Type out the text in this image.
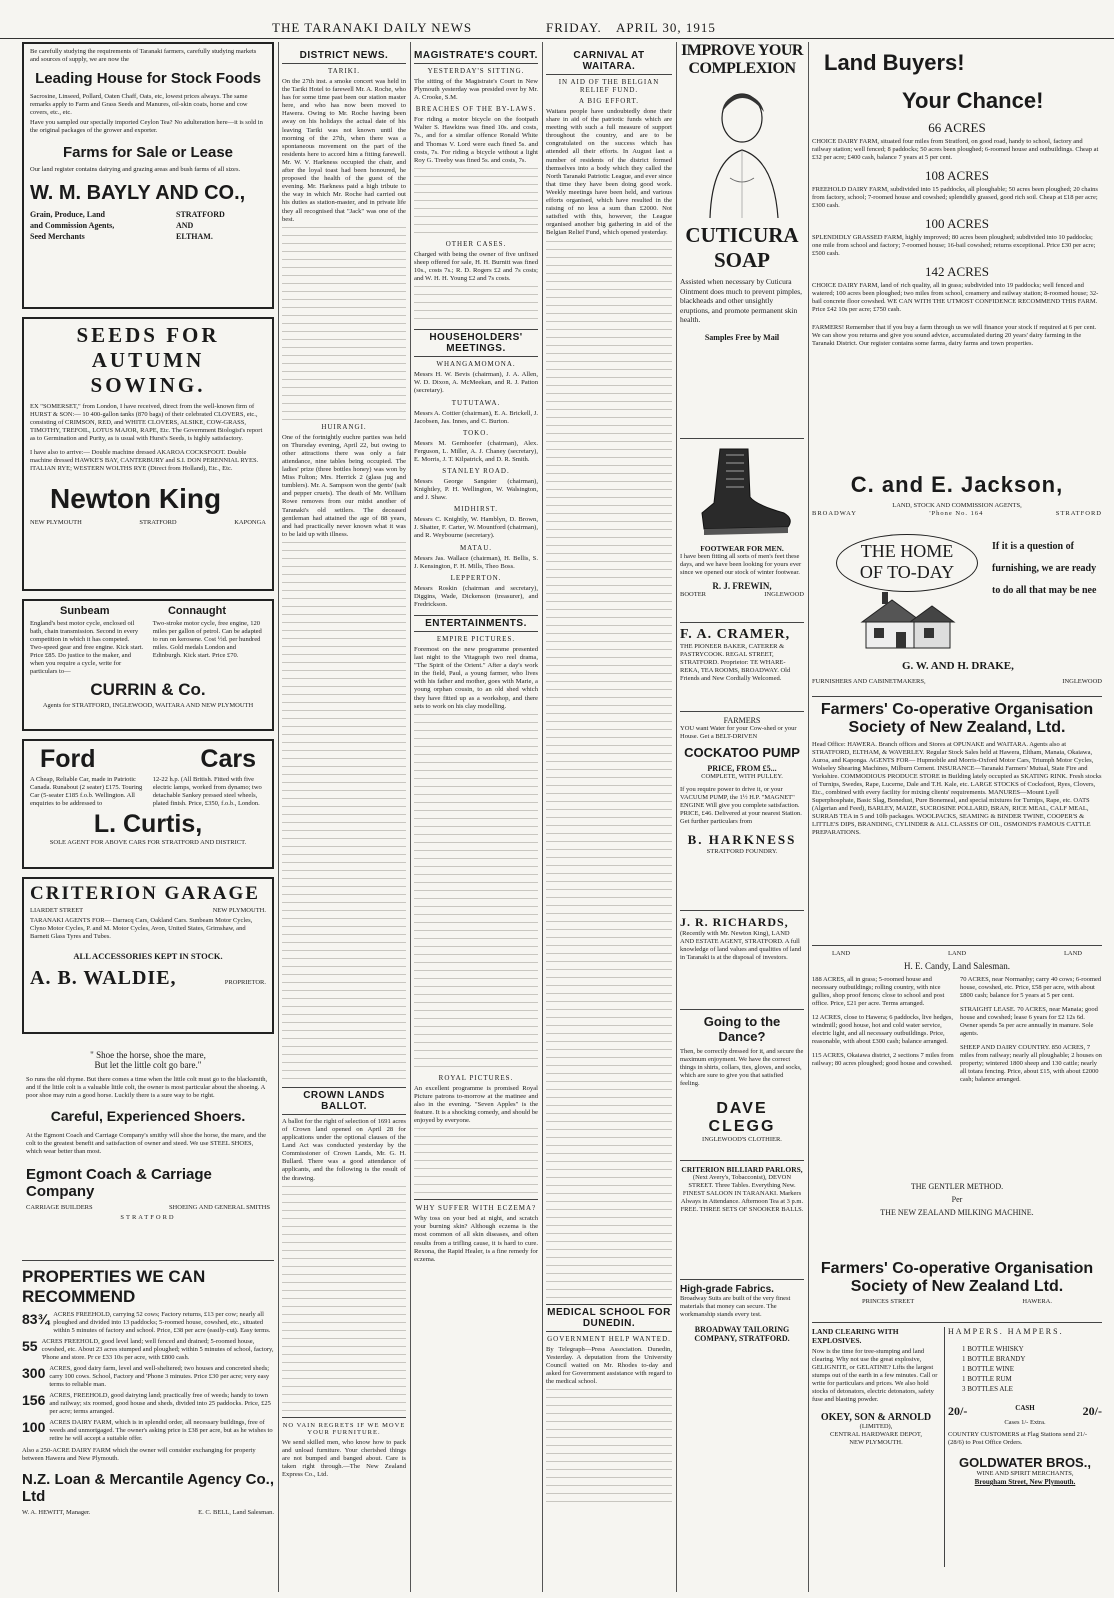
THE TARANAKI DAILY NEWS	FRIDAY. APRIL 30, 1915
Be carefully studying the requirements of Taranaki farmers, carefully studying markets and sources of supply, we are now the
Leading House for Stock Foods
Sacrosine, Linseed, Pollard, Oaten Chaff, Oats, etc, lowest prices always. The same remarks apply to Farm and Grass Seeds and Manures, oil-skin coats, horse and cow covers, etc., etc.
Have you sampled our specially imported Ceylon Tea? No adulteration here—it is sold in the original packages of the grower and exporter.
Farms for Sale or Lease
Our land register contains dairying and grazing areas and bush farms of all sizes.
W. M. BAYLY AND CO.,
Grain, Produce, Land
and Commission Agents,
Seed Merchants
STRATFORD
AND
ELTHAM.
SEEDS FOR AUTUMN
SOWING.
EX "SOMERSET," from London, I have received, direct from the well-known firm of HURST & SON:— 10 400-gallon tanks (870 bags) of their celebrated CLOVERS, etc., consisting of CRIMSON, RED, and WHITE CLOVERS, ALSIKE, COW-GRASS, TIMOTHY, TREFOIL, LOTUS MAJOR, RAPE, Etc. The Government Biologist's report as to Germination and Purity, as is usual with Hurst's Seeds, is highly satisfactory.
I have also to arrive:— Double machine dressed AKAROA COCKSFOOT. Double machine dressed HAWKE'S BAY, CANTERBURY and S.I. DON PERENNIAL RYES. ITALIAN RYE; WESTERN WOLTHS RYE (Direct from Holland), Etc., Etc.
Newton King
NEW PLYMOUTH	STRATFORD	KAPONGA
Sunbeam	Connaught
England's best motor cycle, enclosed oil bath, chain transmission. Second in every competition in which it has competed. Two-speed gear and free engine. Kick start. Price £85. Do justice to the maker, and when you require a cycle, write for particulars to—
Two-stroke motor cycle, free engine, 120 miles per gallon of petrol. Can be adapted to run on kerosene. Cost ½d. per hundred miles. Gold medals London and Edinburgh. Kick start. Price £70.
CURRIN & Co.
Agents for STRATFORD, INGLEWOOD, WAITARA AND NEW PLYMOUTH
Ford	Cars
A Cheap, Reliable Car, made in Patriotic Canada. Runabout (2 seater) £175. Touring Car (5-seater £185 f.o.b. Wellington. All enquiries to be addressed to
12-22 h.p. (All British. Fitted with five electric lamps, worked from dynamo; two detachable Sankey pressed steel wheels, plated finish. Price, £350, f.o.b., London.
L. Curtis,
SOLE AGENT FOR ABOVE CARS FOR STRATFORD AND DISTRICT.
CRITERION GARAGE
LIARDET STREET	NEW PLYMOUTH.
TARANAKI AGENTS FOR— Darracq Cars, Oakland Cars. Sunbeam Motor Cycles, Clyno Motor Cycles, P. and M. Motor Cycles, Avon, United States, Grimshaw, and Barnett Glass Tyres and Tubes.
ALL ACCESSORIES KEPT IN STOCK.
A. B. WALDIE,	PROPRIETOR.
" Shoe the horse, shoe the mare,
But let the little colt go bare."
So runs the old rhyme. But there comes a time when the little colt must go to the blacksmith, and if the little colt is a valuable little colt, the owner is most particular about the shoeing. A poor shoe may ruin a good horse. Luckily there is a sure way to be right.
Careful, Experienced Shoers.
At the Egmont Coach and Carriage Company's smithy will shoe the horse, the mare, and the colt to the greatest benefit and satisfaction of owner and steed. We use STEEL SHOES, which wear better than most.
Egmont Coach & Carriage Company
CARRIAGE BUILDERS	SHOEING AND GENERAL SMITHS
STRATFORD
PROPERTIES WE CAN RECOMMEND
83¾ ACRES FREEHOLD, carrying 52 cows; Factory returns, £13 per cow; nearly all ploughed and divided into 13 paddocks; 5-roomed house, cowshed, etc., situated within 5 minutes of factory and school. Price, £38 per acre (easily-cut). Easy terms.
55 ACRES FREEHOLD, good level land; well fenced and drained; 5-roomed house, cowshed, etc. About 23 acres stumped and ploughed; within 5 minutes of school, factory, 'Phone and store. Pr ce £33 10s per acre, with £800 cash.
300 ACRES, good dairy farm, level and well-sheltered; two houses and concreted sheds; carry 100 cows. School, Factory and 'Phone 3 minutes. Price £30 per acre; very easy terms to reliable man.
156 ACRES, FREEHOLD, good dairying land; practically free of weeds; handy to town and railway; six roomed, good house and sheds, divided into 25 paddocks. Price, £25 per acre; terms arranged.
100 ACRES DAIRY FARM, which is in splendid order, all necessary buildings, free of weeds and unmortgaged. The owner's asking price is £38 per acre, but as he wishes to retire he will accept a suitable offer.
Also a 250-ACRE DAIRY FARM which the owner will consider exchanging for property between Hawera and New Plymouth.
N.Z. Loan & Mercantile Agency Co., Ltd
W. A. HEWITT, Manager.	E. C. BELL, Land Salesman.
DISTRICT NEWS.
TARIKI.
On the 27th inst. a smoke concert was held in the Tariki Hotel to farewell Mr. A. Roche, who has for some time past been our station master here, and who has now been moved to Hawera. Owing to Mr. Roche having been away on his holidays the actual date of his leaving Tariki was not known until the morning of the 27th, when there was a spontaneous movement on the part of the residents here to accord him a fitting farewell. Mr. W. V. Harkness occupied the chair, and after the loyal toast had been honoured, he proposed the health of the guest of the evening. Mr. Harkness paid a high tribute to the way in which Mr. Roche had carried out his duties as station-master, and in private life they all recognised that "Jack" was one of the best.
HUIRANGI.
One of the fortnightly euchre parties was held on Thursday evening, April 22, but owing to other attractions there was only a fair attendance, nine tables being occupied. The ladies' prize (three bottles honey) was won by Miss Fulton; Mrs. Herrick 2 (glass jug and tumblers). Mr. A. Sampson won the gents' (salt and pepper cruets). The death of Mr. William Rowe removes from our midst another of Taranaki's old settlers. The deceased gentleman had attained the age of 88 years, and had practically never known what it was to be laid up with illness.
CROWN LANDS BALLOT.
A ballot for the right of selection of 1691 acres of Crown land opened on April 28 for applications under the optional clauses of the Land Act was conducted yesterday by the Commissioner of Crown Lands, Mr. G. H. Bullard. There was a good attendance of applicants, and the following is the result of the drawing.
NO VAIN REGRETS IF WE MOVE YOUR FURNITURE.
We send skilled men, who know how to pack and unload furniture. Your cherished things are not bumped and banged about. Care is taken right through.—The New Zealand Express Co., Ltd.
MAGISTRATE'S COURT.
YESTERDAY'S SITTING.
The sitting of the Magistrate's Court in New Plymouth yesterday was presided over by Mr. A. Crooke, S.M.
BREACHES OF THE BY-LAWS.
For riding a motor bicycle on the footpath Walter S. Hawkins was fined 10s. and costs, 7s., and for a similar offence Ronald White and Thomas V. Lord were each fined 5s. and costs, 7s. For riding a bicycle without a light Roy G. Treeby was fined 5s. and costs, 7s.
OTHER CASES.
Charged with being the owner of five unfixed sheep offered for sale, H. H. Burnitt was fined 10s., costs 7s.; R. D. Rogers £2 and 7s costs; and W. H. H. Young £2 and 7s costs.
HOUSEHOLDERS' MEETINGS.
WHANGAMOMONA.
Messrs H. W. Bevis (chairman), J. A. Allen, W. D. Dixon, A. McMeekan, and R. J. Patton (secretary).
TUTUTAWA.
Messrs A. Cottier (chairman), E. A. Brickell, J. Jacobsen, Jas. Innes, and C. Burton.
TOKO.
Messrs M. Gernhoefer (chairman), Alex. Ferguson, L. Miller, A. J. Chaney (secretary), E. Morris, J. T. Kilpatrick, and D. R. Smith.
STANLEY ROAD.
Messrs George Sangster (chairman), Knightley, P. H. Wellington, W. Walsington, and J. Shaw.
MIDHIRST.
Messrs C. Knightly, W. Hamblyn, D. Brown, J. Shatter, F. Carter, W. Mountford (chairman), and R. Weybourne (secretary).
MATAU.
Messrs Jas. Wallace (chairman), H. Bellis, S. J. Kensington, F. H. Mills, Theo Boss.
LEPPERTON.
Messrs Roskin (chairman and secretary), Diggins, Wade, Dickenson (treasurer), and Fredrickson.
ENTERTAINMENTS.
EMPIRE PICTURES.
Foremost on the new programme presented last night to the Vitagraph two reel drama, "The Spirit of the Orient." After a day's work in the field, Paul, a young farmer, who lives with his father and mother, goes with Marie, a young orphan cousin, to an old shed which they have fitted up as a workshop, and there sets to work on his clay modelling.
ROYAL PICTURES.
An excellent programme is promised Royal Picture patrons to-morrow at the matinee and also in the evening. "Seven Apples" is the feature. It is a shocking comedy, and should be enjoyed by everyone.
WHY SUFFER WITH ECZEMA?
Why toss on your bed at night, and scratch your burning skin? Although eczema is the most common of all skin diseases, and often results from a trifling cause, it is hard to cure. Rexona, the Rapid Healer, is a fine remedy for eczema.
CARNIVAL AT WAITARA.
IN AID OF THE BELGIAN RELIEF FUND.
A BIG EFFORT.
Waitara people have undoubtedly done their share in aid of the patriotic funds which are meeting with such a full measure of support throughout the country, and are to be congratulated on the success which has attended all their efforts. In August last a number of residents of the district formed themselves into a body which they called the North Taranaki Patriotic League, and ever since that time they have been doing good work. Weekly meetings have been held, and various efforts organised, which have resulted in the raising of no less a sum than £2000. Not satisfied with this, however, the League organised another big gathering in aid of the Belgian Relief Fund, which opened yesterday.
MEDICAL SCHOOL FOR DUNEDIN.
GOVERNMENT HELP WANTED.
By Telegraph—Press Association. Dunedin, Yesterday. A deputation from the University Council waited on Mr. Rhodes to-day and asked for Government assistance with regard to the medical school.
IMPROVE YOUR
COMPLEXION
CUTICURA
SOAP
Assisted when necessary by Cuticura Ointment does much to prevent pimples, blackheads and other unsightly eruptions, and promote permanent skin health.
Samples Free by Mail
FOOTWEAR FOR MEN.
I have been fitting all sorts of men's feet these days, and we have been looking for yours ever since we opened our stock of winter footwear.
R. J. FREWIN,
BOOTER	INGLEWOOD
F. A. CRAMER,
THE PIONEER BAKER, CATERER & PASTRYCOOK. REGAL STREET, STRATFORD. Proprietor: TE WHARE-REKA, TEA ROOMS, BROADWAY. Old Friends and New Cordially Welcomed.
FARMERS
YOU want Water for your Cow-shed or your House. Get a BELT-DRIVEN
COCKATOO PUMP
PRICE, FROM £5...
COMPLETE, WITH PULLEY.
If you require power to drive it, or your VACUUM PUMP, the 1½ H.P. "MAGNET" ENGINE Will give you complete satisfaction. PRICE, £46. Delivered at your nearest Station. Get further particulars from
B. HARKNESS
STRATFORD FOUNDRY.
J. R. RICHARDS,
(Recently with Mr. Newton King), LAND AND ESTATE AGENT, STRATFORD. A full knowledge of land values and qualities of land in Taranaki is at the disposal of investors.
Going to the Dance?
Then, be correctly dressed for it, and secure the maximum enjoyment. We have the correct things in shirts, collars, ties, gloves, and socks, which are sure to give you that satisfied feeling.
DAVE CLEGG
INGLEWOOD'S CLOTHIER.
CRITERION BILLIARD PARLORS,
(Next Avery's, Tobacconist), DEVON STREET. Three Tables. Everything New. FINEST SALOON IN TARANAKI. Markers Always in Attendance. Afternoon Tea at 3 p.m. FREE. THREE SETS OF SNOOKER BALLS.
High-grade Fabrics.
Broadway Suits are built of the very finest materials that money can secure. The workmanship stands every test.
BROADWAY TAILORING COMPANY, STRATFORD.
Land Buyers!
Your Chance!
66 ACRES
CHOICE DAIRY FARM, situated four miles from Stratford, on good road, handy to school, factory and railway station; well fenced; 8 paddocks; 50 acres been ploughed; 6-roomed house and outbuildings. Cheap at £32 per acre; £400 cash, balance 7 years at 5 per cent.
108 ACRES
FREEHOLD DAIRY FARM, subdivided into 15 paddocks, all ploughable; 50 acres been ploughed; 20 chains from factory, school; 7-roomed house and cowshed; splendidly grassed, good rich soil. Cheap at £18 per acre; £300 cash.
100 ACRES
SPLENDIDLY GRASSED FARM, highly improved; 80 acres been ploughed; subdivided into 10 paddocks; one mile from school and factory; 7-roomed house; 16-bail cowshed; returns exceptional. Price £30 per acre; £500 cash.
142 ACRES
CHOICE DAIRY FARM, land of rich quality, all in grass; subdivided into 19 paddocks; well fenced and watered; 100 acres been ploughed; two miles from school, creamery and railway station; 8-roomed house; 32-bail concrete floor cowshed. WE CAN WITH THE UTMOST CONFIDENCE RECOMMEND THIS FARM. Price £42 10s per acre; £750 cash.
FARMERS! Remember that if you buy a farm through us we will finance your stock if required at 6 per cent. We can show you returns and give you sound advice, accumulated during 20 years' dairy farming in the Taranaki District. Our register contains some farms, dairy farms and town properties.
C. and E. Jackson,
LAND, STOCK AND COMMISSION AGENTS,
BROADWAY	'Phone No. 164	STRATFORD
THE HOME
OF TO-DAY
If it is a question of furnishing, we are ready to do all that may be nee
G. W. AND H. DRAKE,
FURNISHERS AND CABINETMAKERS,	INGLEWOOD
Farmers' Co-operative Organisation
Society of New Zealand, Ltd.
Head Office: HAWERA. Branch offices and Stores at OPUNAKE and WAITARA. Agents also at STRATFORD, ELTHAM, & WAVERLEY. Regular Stock Sales held at Hawera, Eltham, Manaia, Okaiawa, Auroa, and Kaponga. AGENTS FOR— Hupmobile and Morris-Oxford Motor Cars, Triumph Motor Cycles, Wolseley Shearing Machines, Milburn Cement. INSURANCE—Taranaki Farmers' Mutual, State Fire and Yorkshire. COMMODIOUS PRODUCE STORE in Building lately occupied as SKATING RINK. Fresh stocks of Turnips, Swedes, Rape, Lucerne, Dale and T.H. Kale, etc. LARGE STOCKS of Cocksfoot, Ryes, Clovers, Etc., combined with every facility for mixing clients' requirements. MANURES—Mount Lyell Superphosphate, Basic Slag, Bonedust, Pure Bonemeal, and special mixtures for Turnips, Rape, etc. OATS (Algerian and Feed), BARLEY, MAIZE, SUCROSINE POLLARD, BRAN, RICE MEAL, CALF MEAL, SURRAB TEA in 5 and 10lb packages. WOOLPACKS, SEAMING & BINDER TWINE, COOPER'S & LITTLE'S DIPS, BRANDING, CYLINDER & ALL CLASSES OF OIL, OSMOND'S FAMOUS CATTLE PREPARATIONS.
LAND	LAND	LAND
H. E. Candy, Land Salesman.
188 ACRES, all in grass; 5-roomed house and necessary outbuildings; rolling country, with nice gullies, shop proof fences; close to school and post office. Price, £21 per acre. Terms arranged.
12 ACRES, close to Hawera; 6 paddocks, live hedges, windmill; good house, hot and cold water service, electric light, and all necessary outbuildings. Price, reasonable, with about £300 cash; balance arranged.
115 ACRES, Okaiawa district, 2 sections 7 miles from railway; 80 acres ploughed; good house and cowshed.
70 ACRES, near Normanby; carry 40 cows; 6-roomed house, cowshed, etc. Price, £58 per acre, with about £800 cash; balance for 5 years at 5 per cent.
STRAIGHT LEASE. 70 ACRES, near Manaia; good house and cowshed; lease 6 years for £2 12s 6d. Owner spends 5s per acre annually in manure. Sole agents.
SHEEP AND DAIRY COUNTRY. 850 ACRES, 7 miles from railway; nearly all ploughable; 2 houses on property; wintered 1800 sheep and 130 cattle; nearly all totara fencing. Price, about £15, with about £2000 cash; balance arranged.
THE GENTLER METHOD.
Per
THE NEW ZEALAND MILKING MACHINE.
Farmers' Co-operative Organisation
Society of New Zealand Ltd.
PRINCES STREET	HAWERA.
LAND CLEARING WITH EXPLOSIVES.
Now is the time for tree-stumping and land clearing. Why not use the great explosive, GELIGNITE, or GELATINE? Lifts the largest stumps out of the earth in a few minutes. Call or write for particulars and prices. We also hold stocks of detonators, electric detonators, safety fuse and blasting powder.
OKEY, SON & ARNOLD
(LIMITED),
CENTRAL HARDWARE DEPOT,
NEW PLYMOUTH.
HAMPERS. HAMPERS.
1 BOTTLE WHISKY
1 BOTTLE BRANDY
1 BOTTLE WINE
1 BOTTLE RUM
3 BOTTLES ALE
20/-	CASH	20/-
Cases 1/- Extra.
COUNTRY CUSTOMERS at Flag Stations send 21/- (28/6) to Post Office Orders.
GOLDWATER BROS.,
WINE AND SPIRIT MERCHANTS,
Brougham Street, New Plymouth.
